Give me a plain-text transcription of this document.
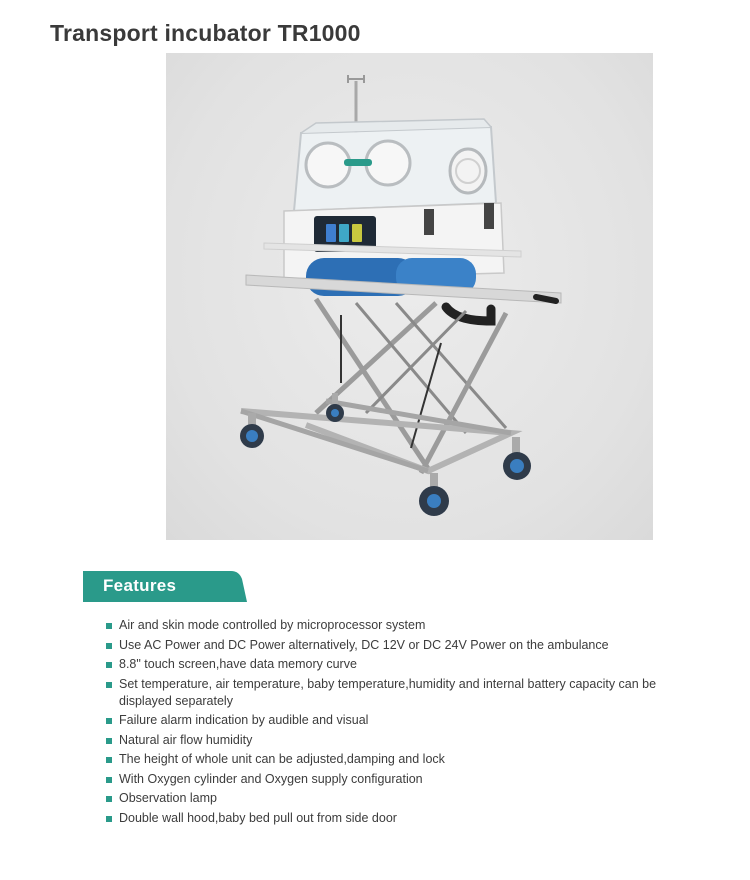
Transport incubator TR1000
Features
Air and skin mode controlled by microprocessor system
Use AC Power and DC Power alternatively, DC 12V or DC 24V Power on the ambulance
8.8" touch screen,have data memory curve
Set temperature, air temperature, baby temperature,humidity and internal battery capacity can be displayed separately
Failure alarm indication by audible and visual
Natural air flow humidity
The height of whole unit can be adjusted,damping and lock
With Oxygen cylinder and Oxygen supply configuration
Observation lamp
Double wall hood,baby bed pull out from side door
